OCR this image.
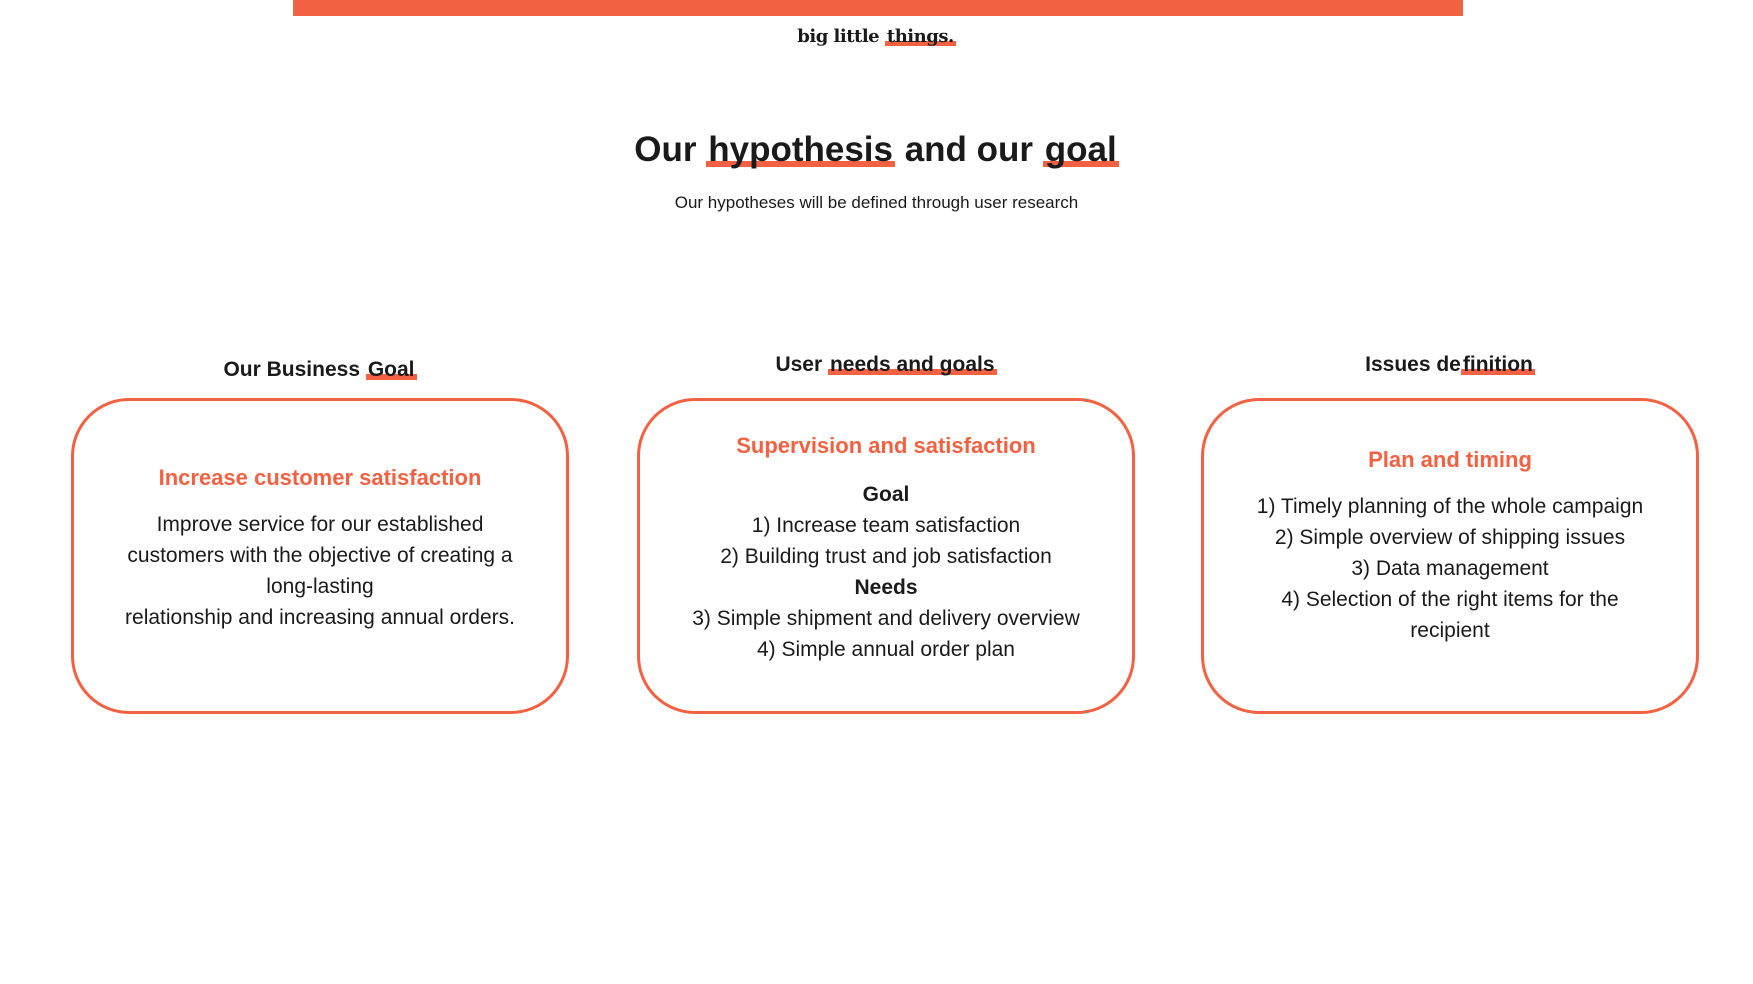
big little things.
Our hypothesis and our goal

Our hypotheses will be defined through user research

Our Business Goal

Increase customer satisfaction

Improve service for our established
customers with the objective of creating a
long-lasting
relationship and increasing annual orders.
User needs and goals

Supervision and satisfaction

Goal
1) Increase team satisfaction
2) Building trust and job satisfaction
Needs
3) Simple shipment and delivery overview
4) Simple annual order plan
Issues definition

Plan and timing

1) Timely planning of the whole campaign
2) Simple overview of shipping issues
3) Data management
4) Selection of the right items for the
recipient
